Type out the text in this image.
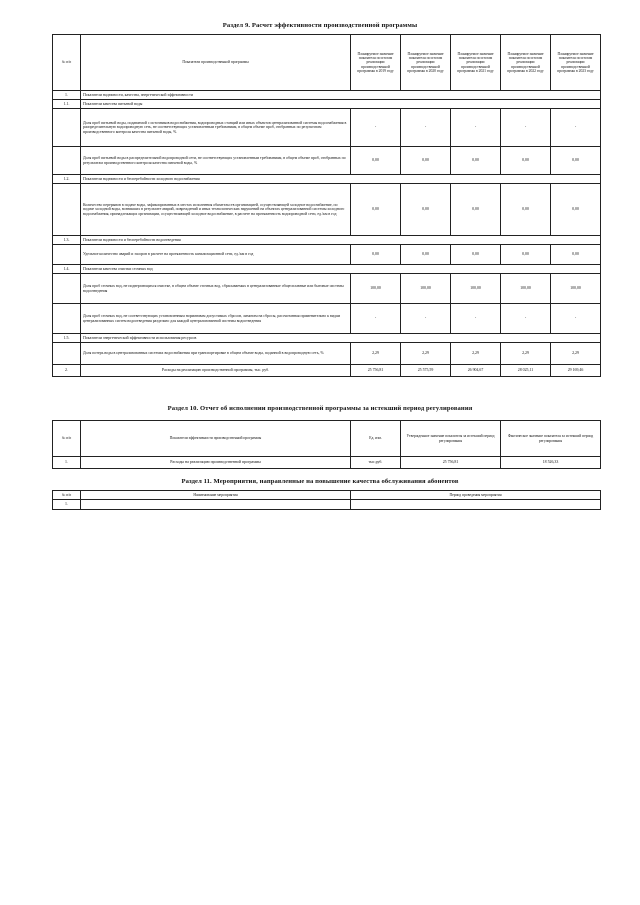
Раздел 9. Расчет эффективности производственной программы
№ п/п	Показатели производственной программы	Планируемое значение показателя по итогам реализации производственной программы в 2019 году	Планируемое значение показателя по итогам реализации производственной программы в 2020 году	Планируемое значение показателя по итогам реализации производственной программы в 2021 году	Планируемое значение показателя по итогам реализации производственной программы в 2022 году	Планируемое значение показателя по итогам реализации производственной программы в 2023 году
1.	Показатели надежности, качества, энергетической эффективности					
1.1.	Показатели качества питьевой воды					
	Доля проб питьевой воды, подаваемой с источников водоснабжения, водопроводных станций или иных объектов централизованной системы водоснабжения в распределительную водопроводную сеть, не соответствующих установленным требованиям, в общем объеме проб, отобранных по результатам производственного контроля качества питьевой воды, %	-	-	-	-	-
	Доля проб питьевой воды в распределительной водопроводной сети, не соответствующих установленным требованиям, в общем объеме проб, отобранных по результатам производственного контроля качества питьевой воды, %	0,00	0,00	0,00	0,00	0,00
1.2.	Показатели надежности и бесперебойности холодного водоснабжения					
	Количество перерывов в подаче воды, зафиксированных в местах исполнения обязательств организацией, осуществляющей холодное водоснабжение, по подаче холодной воды, возникших в результате аварий, повреждений и иных технологических нарушений на объектах централизованной системы холодного водоснабжения, принадлежащих организации, осуществляющей холодное водоснабжение, в расчете на протяженность водопроводной сети, ед./км в год	0,00	0,00	0,00	0,00	0,00
1.3.	Показатели надежности и бесперебойности водоотведения					
	Удельное количество аварий и засоров в расчете на протяженность канализационной сети, ед./км в год	0,00	0,00	0,00	0,00	0,00
1.4.	Показатели качества очистки сточных вод					
	Доля проб сточных вод, не подвергающихся очистке, в общем объеме сточных вод, сбрасываемых в централизованные общесплавные или бытовые системы водоотведения	100,00	100,00	100,00	100,00	100,00
	Доля проб сточных вод, не соответствующих установленным нормативам допустимых сбросов, лимитам на сбросы, рассчитанная применительно к видам централизованных систем водоотведения раздельно для каждой централизованной системы водоотведения	-	-	-	-	-
1.5.	Показатели энергетической эффективности использования ресурсов					
	Доля потерь воды в централизованных системах водоснабжения при транспортировке в общем объеме воды, поданной в водопроводную сеть, %	2,29	2,29	2,29	2,29	2,29
2.	Расходы на реализацию производственной программы, тыс. руб.	25 756,81	25 575,59	26 904,67	28 025,11	29 169,46
Раздел 10. Отчет об исполнении производственной программы за истекший период регулирования
№ п/п	Показатели эффективности производственной программы	Ед. изм.	Утвержденное значение показателя за истекший период регулирования	Фактическое значение показателя за истекший период регулирования
1.	Расходы на реализацию производственной программы	тыс.руб.	25 756,81	18 526,33
Раздел 11. Мероприятия, направленные на повышение качества обслуживания абонентов
№ п/п	Наименование мероприятия	Период проведения мероприятия
1.		
